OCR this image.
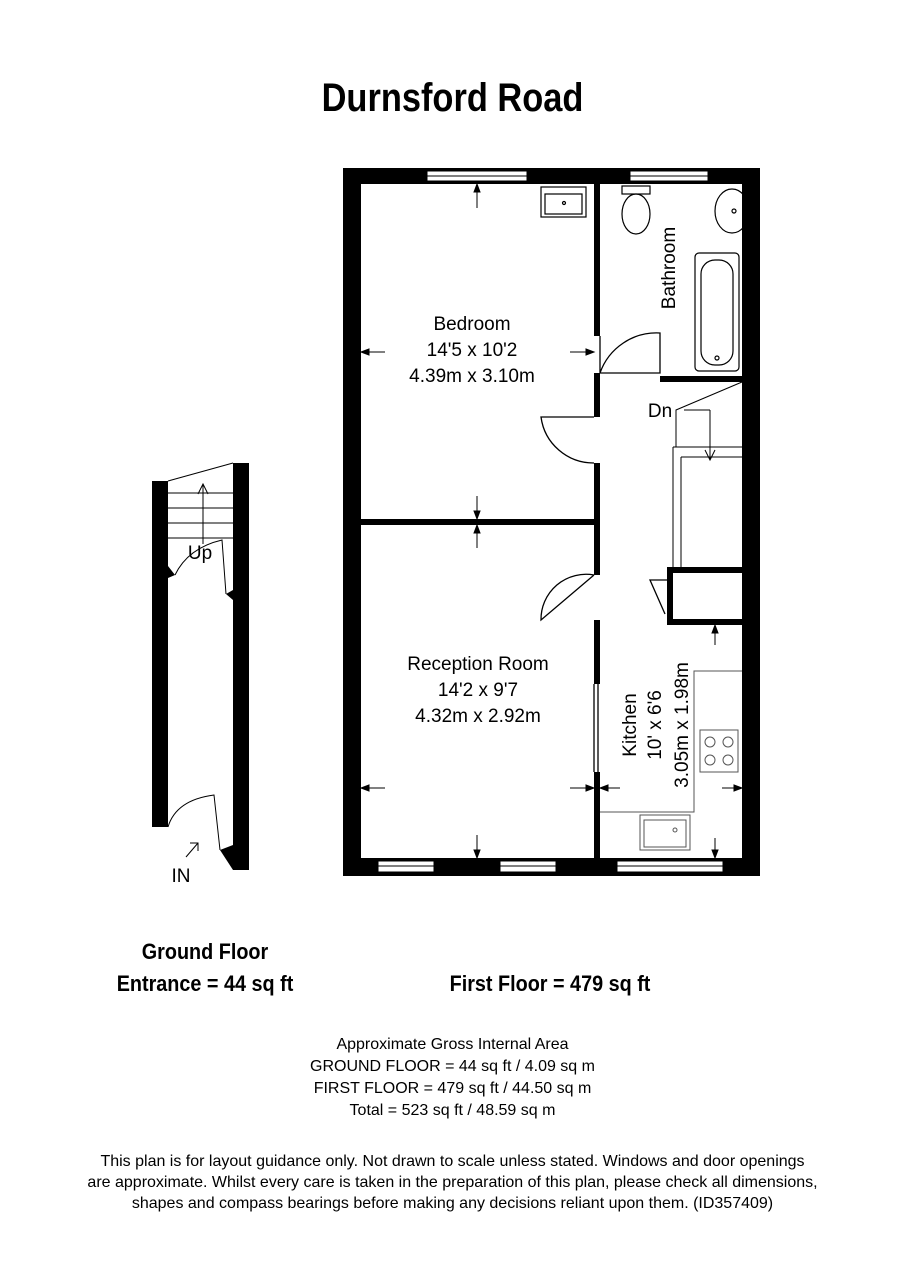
Durnsford Road
Bedroom
14'5 x 10'2
4.39m x 3.10m
Bathroom
Reception Room
14'2 x 9'7
4.32m x 2.92m	Kitchen 10' x 6'6 3.05m x 1.98m
Dn
Up
IN
Ground Floor
Entrance = 44 sq ft	First Floor = 479 sq ft
Approximate Gross Internal Area
GROUND FLOOR = 44 sq ft / 4.09 sq m
FIRST FLOOR = 479 sq ft / 44.50 sq m
Total = 523 sq ft / 48.59 sq m
This plan is for layout guidance only. Not drawn to scale unless stated. Windows and door openings
are approximate. Whilst every care is taken in the preparation of this plan, please check all dimensions,
shapes and compass bearings before making any decisions reliant upon them. (ID357409)
